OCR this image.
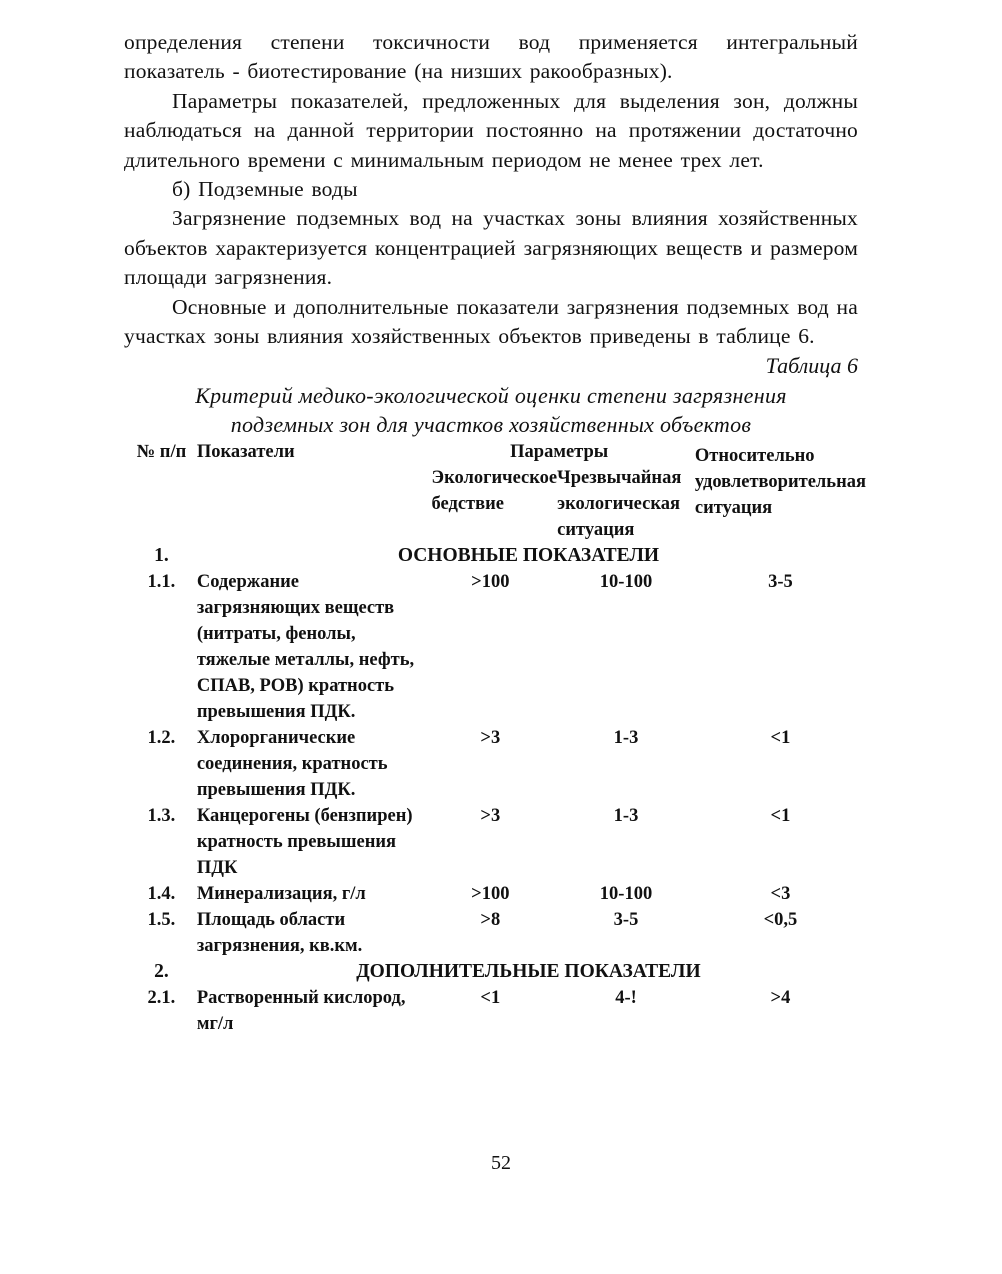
определения степени токсичности вод применяется интегральный показатель - биотестирование (на низших ракообразных).

Параметры показателей, предложенных для выделения зон, должны наблюдаться на данной территории постоянно на протяжении достаточно длительного времени с минимальным периодом не менее трех лет.

б) Подземные воды

Загрязнение подземных вод на участках зоны влияния хозяйственных объектов характеризуется концентрацией загрязняющих веществ и размером площади загрязнения.

Основные и дополнительные показатели загрязнения подземных вод на участках зоны влияния хозяйственных объектов приведены в таблице 6.

Таблица 6

Критерий медико-экологической оценки степени загрязнения

подземных зон для участков хозяйственных объектов

№ п/п	Показатели	Параметры		Относительно удовлетворительная ситуация
		Экологическое бедствие	Чрезвычайная экологическая ситуация	
1.	ОСНОВНЫЕ ПОКАЗАТЕЛИ			
1.1.	Содержание загрязняющих веществ (нитраты, фенолы, тяжелые металлы, нефть, СПАВ, РОВ) кратность превышения ПДК.	>100	10-100	3-5
1.2.	Хлорорганические соединения, кратность превышения ПДК.	>3	1-3	<1
1.3.	Канцерогены (бензпирен) кратность превышения ПДК	>3	1-3	<1
1.4.	Минерализация, г/л	>100	10-100	<3
1.5.	Площадь области загрязнения, кв.км.	>8	3-5	<0,5
2.	ДОПОЛНИТЕЛЬНЫЕ ПОКАЗАТЕЛИ			
2.1.	Растворенный кислород, мг/л	<1	4-!	>4
52
